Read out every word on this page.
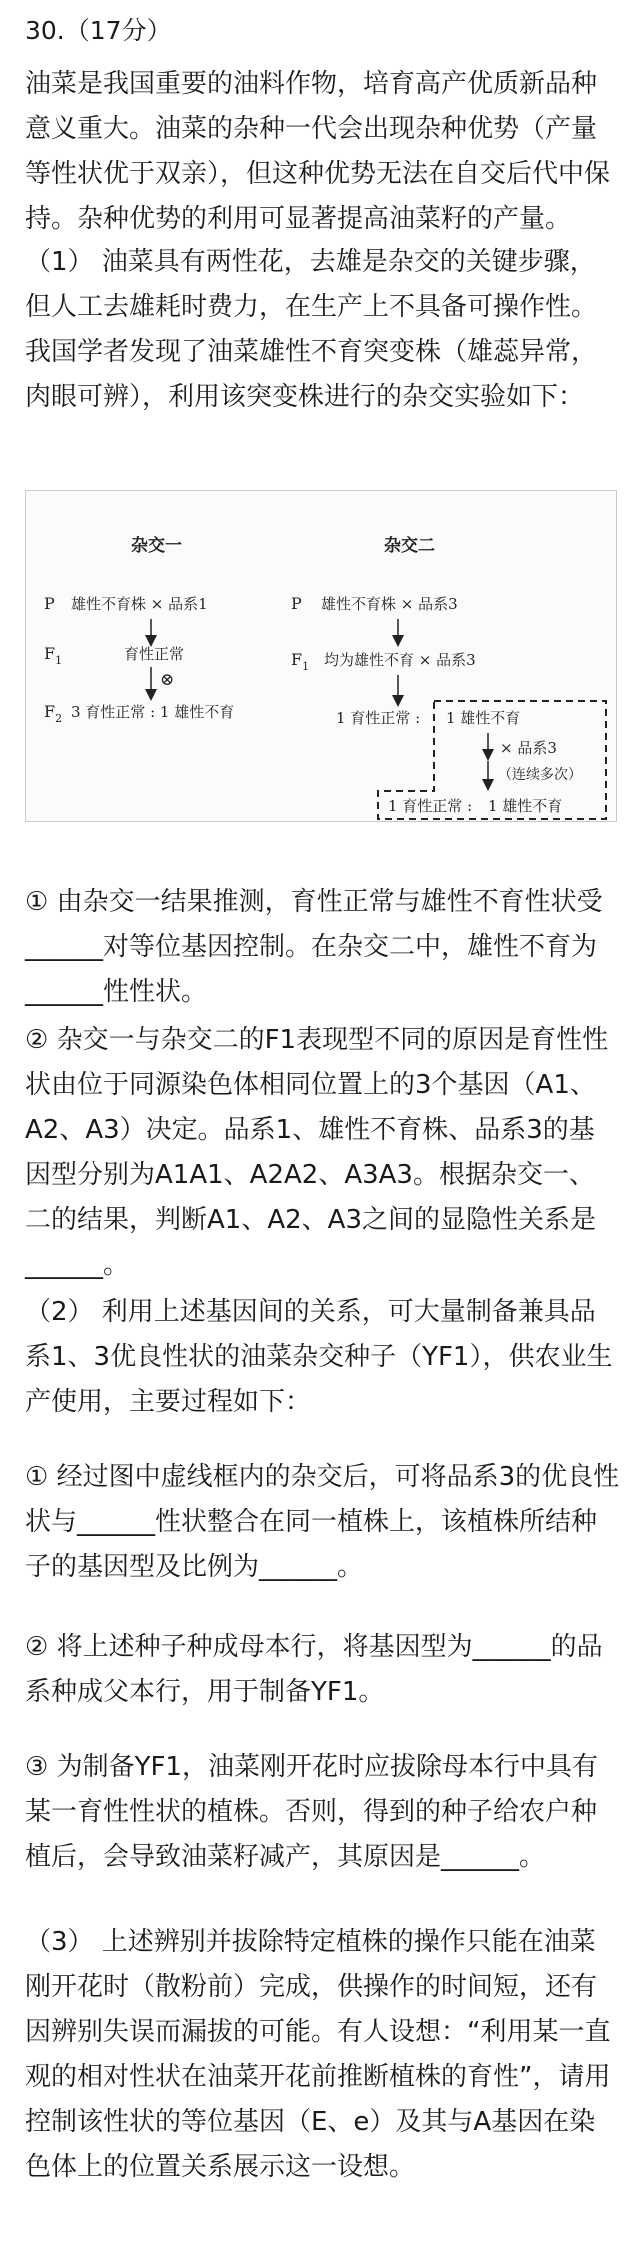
30.（17分）

油菜是我国重要的油料作物，培育高产优质新品种意义重大。油菜的杂种一代会出现杂种优势（产量等性状优于双亲），但这种优势无法在自交后代中保持。杂种优势的利用可显著提高油菜籽的产量。

（1） 油菜具有两性花，去雄是杂交的关键步骤，但人工去雄耗时费力，在生产上不具备可操作性。我国学者发现了油菜雄性不育突变株（雄蕊异常，肉眼可辨），利用该突变株进行的杂交实验如下：

杂交一
P 雄性不育株 × 品系1
$F_1$	育性正常
⊗
$F_2$ 3 育性正常 : 1 雄性不育
杂交二
P 雄性不育株 × 品系3
$F_1$ 均为雄性不育 × 品系3
1 育性正常 : 1 雄性不育
× 品系3
（连续多次）
1 育性正常 : 1 雄性不育

① 由杂交一结果推测，育性正常与雄性不育性状受______对等位基因控制。在杂交二中，雄性不育为______性性状。

② 杂交一与杂交二的F1表现型不同的原因是育性性状由位于同源染色体相同位置上的3个基因（A1、A2、A3）决定。品系1、雄性不育株、品系3的基因型分别为A1A1、A2A2、A3A3。根据杂交一、二的结果，判断A1、A2、A3之间的显隐性关系是______。

（2） 利用上述基因间的关系，可大量制备兼具品系1、3优良性状的油菜杂交种子（YF1），供农业生产使用，主要过程如下：

① 经过图中虚线框内的杂交后，可将品系3的优良性状与______性状整合在同一植株上，该植株所结种子的基因型及比例为______。

② 将上述种子种成母本行，将基因型为______的品系种成父本行，用于制备YF1。

③ 为制备YF1，油菜刚开花时应拔除母本行中具有某一育性性状的植株。否则，得到的种子给农户种植后，会导致油菜籽减产，其原因是______。

（3） 上述辨别并拔除特定植株的操作只能在油菜刚开花时（散粉前）完成，供操作的时间短，还有因辨别失误而漏拔的可能。有人设想：“利用某一直观的相对性状在油菜开花前推断植株的育性”，请用控制该性状的等位基因（E、e）及其与A基因在染色体上的位置关系展示这一设想。
